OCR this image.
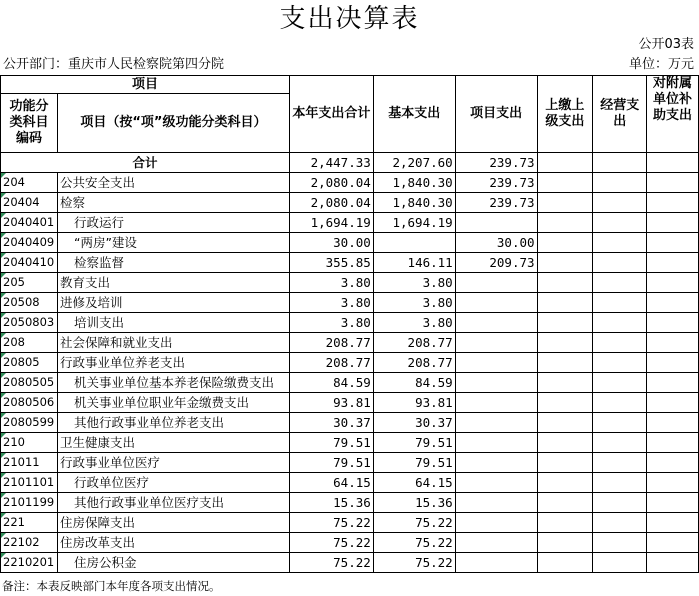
支出决算表
公开03表
公开部门：重庆市人民检察院第四分院	单位：万元
项目		本年支出合计	基本支出	项目支出	上缴上级支出	经营支出	对附属单位补助支出
功能分类科目编码	项目（按“项”级功能分类科目）						
合计		2,447.33	2,207.60	239.73			

204	公共安全支出	2,080.04	1,840.30	239.73			

20404	检察	2,080.04	1,840.30	239.73			

2040401	行政运行	1,694.19	1,694.19				

2040409	“两房”建设	30.00		30.00			

2040410	检察监督	355.85	146.11	209.73			

205	教育支出	3.80	3.80				

20508	进修及培训	3.80	3.80				

2050803	培训支出	3.80	3.80				

208	社会保障和就业支出	208.77	208.77				

20805	行政事业单位养老支出	208.77	208.77				

2080505	机关事业单位基本养老保险缴费支出	84.59	84.59				

2080506	机关事业单位职业年金缴费支出	93.81	93.81				

2080599	其他行政事业单位养老支出	30.37	30.37				

210	卫生健康支出	79.51	79.51				

21011	行政事业单位医疗	79.51	79.51				

2101101	行政单位医疗	64.15	64.15				

2101199	其他行政事业单位医疗支出	15.36	15.36				

221	住房保障支出	75.22	75.22				

22102	住房改革支出	75.22	75.22				

2210201	住房公积金	75.22	75.22				
备注：本表反映部门本年度各项支出情况。
